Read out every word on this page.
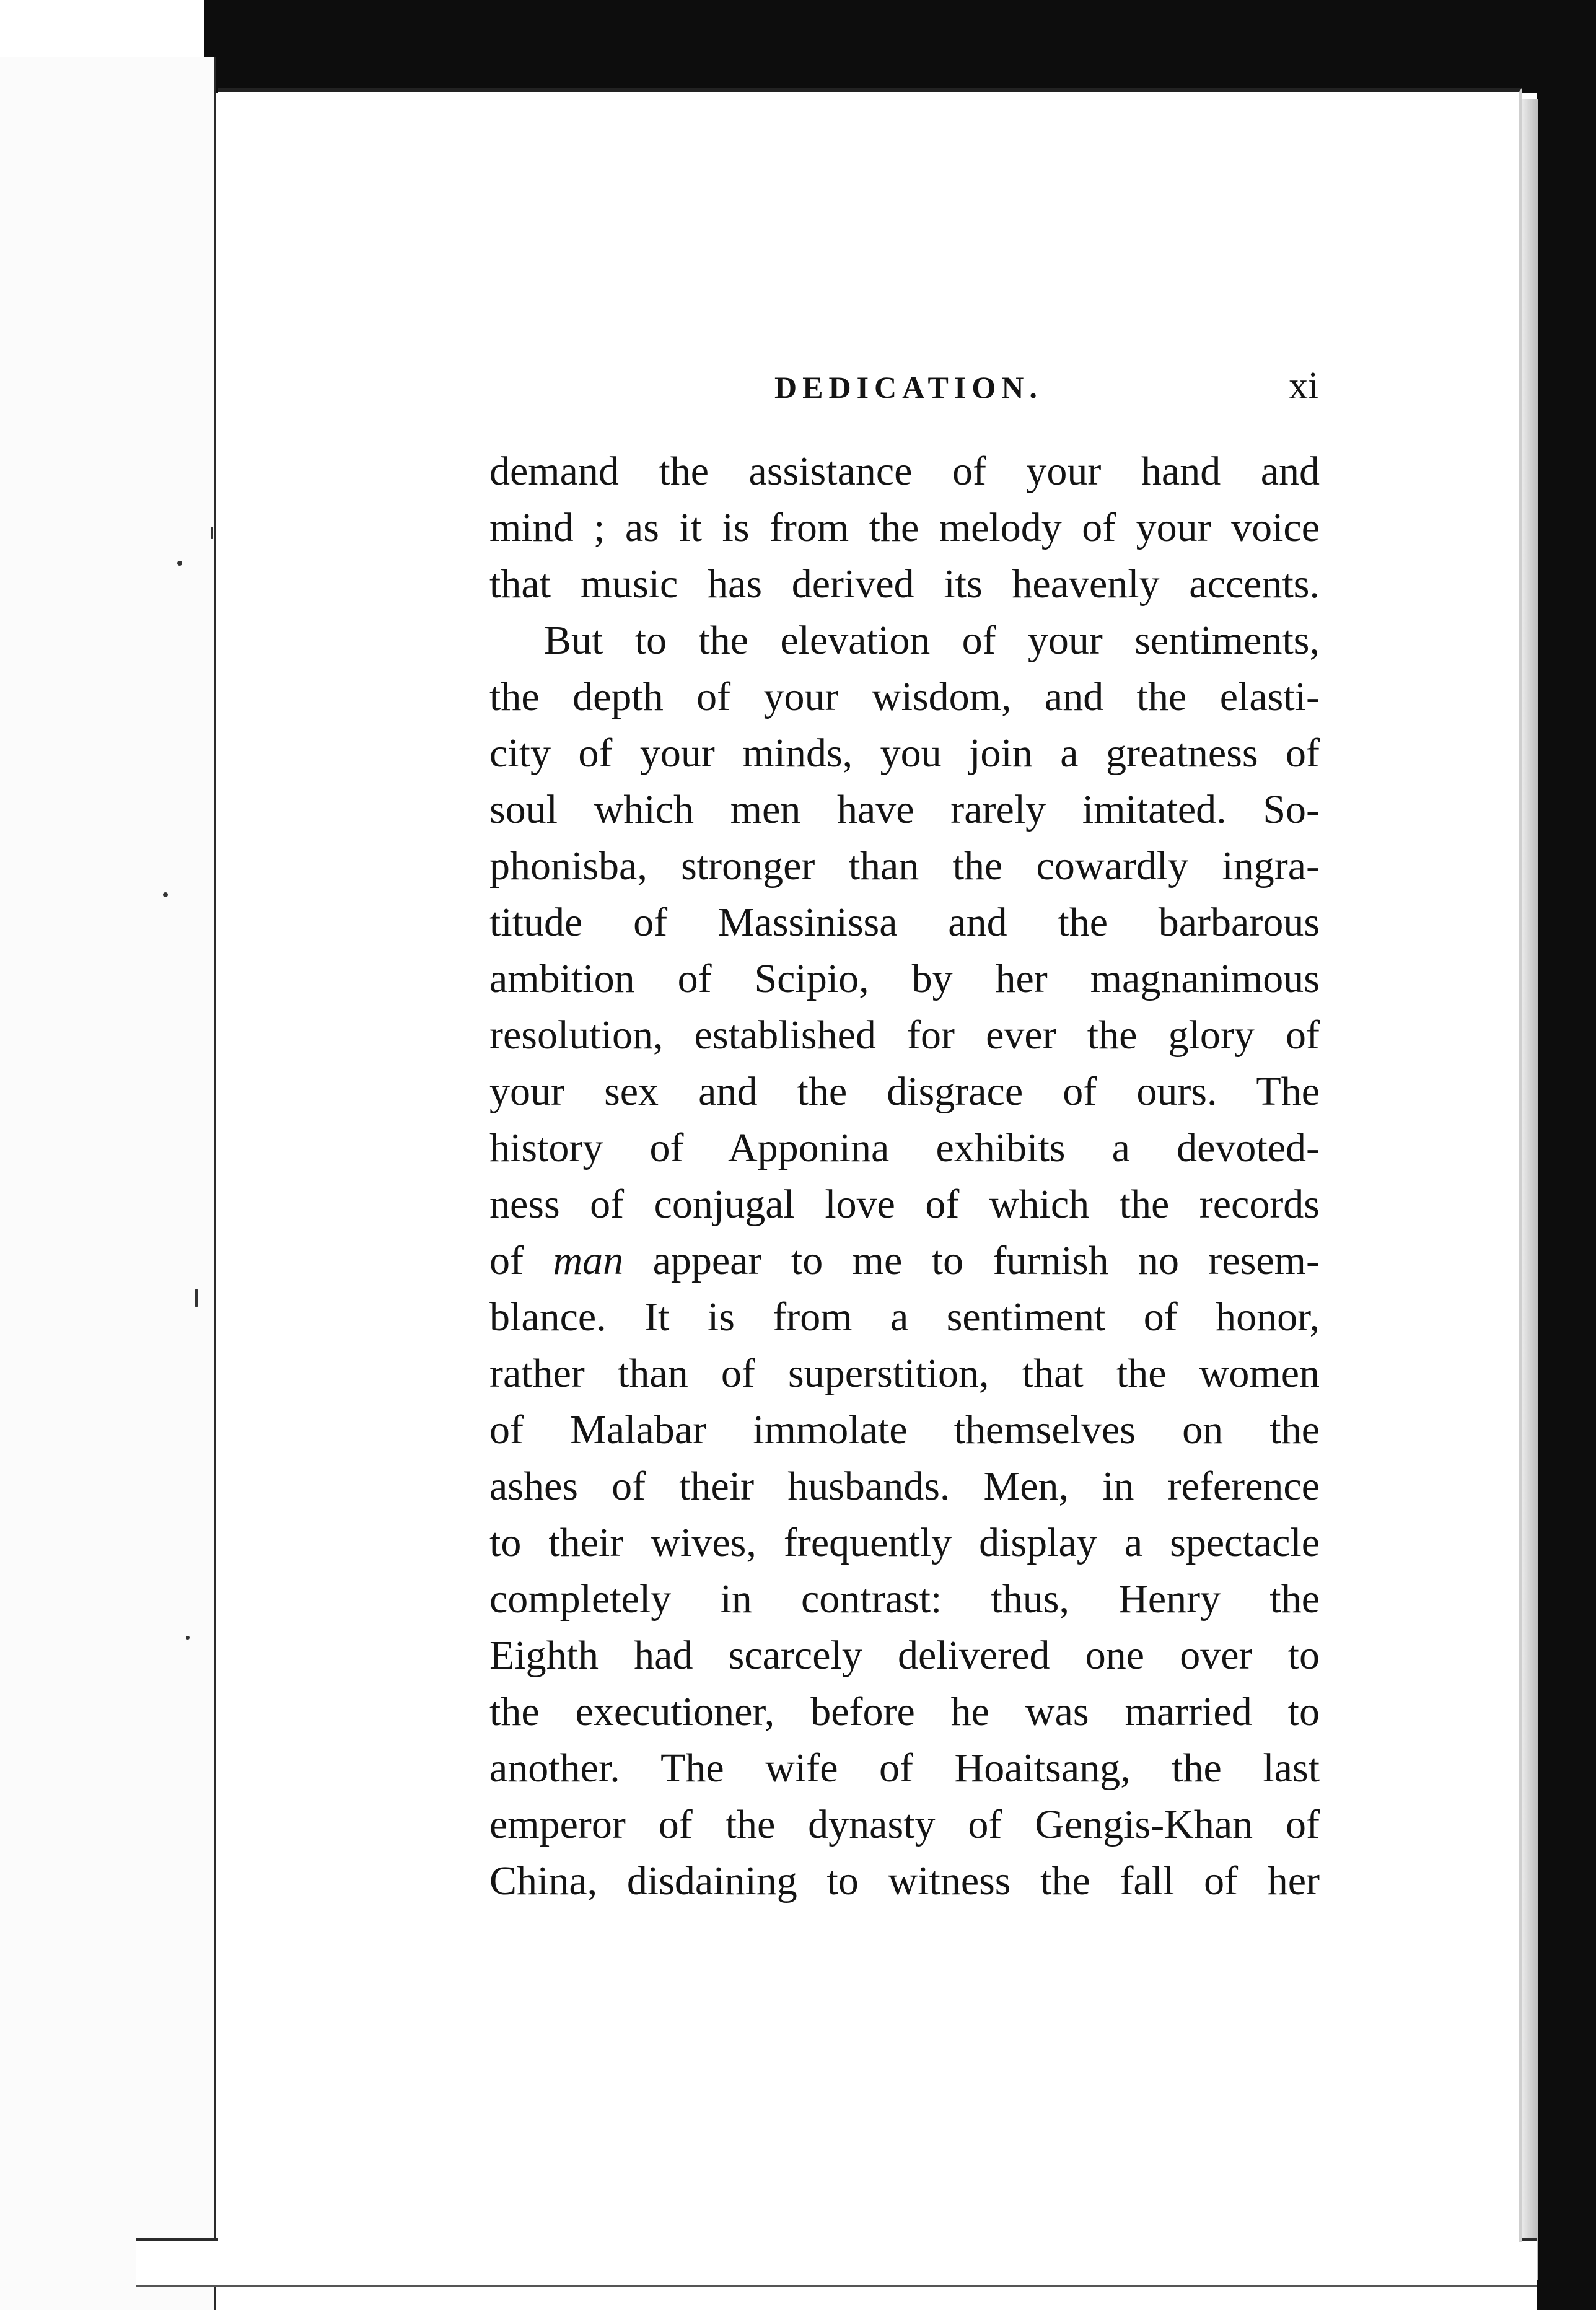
DEDICATION.	xi
demand the assistance of your hand and
mind ; as it is from the melody of your voice
that music has derived its heavenly accents.
But to the elevation of your sentiments,
the depth of your wisdom, and the elasti-
city of your minds, you join a greatness of
soul which men have rarely imitated. So-
phonisba, stronger than the cowardly ingra-
titude of Massinissa and the barbarous
ambition of Scipio, by her magnanimous
resolution, established for ever the glory of
your sex and the disgrace of ours. The
history of Apponina exhibits a devoted-
ness of conjugal love of which the records
of man appear to me to furnish no resem-
blance. It is from a sentiment of honor,
rather than of superstition, that the women
of Malabar immolate themselves on the
ashes of their husbands. Men, in reference
to their wives, frequently display a spectacle
completely in contrast: thus, Henry the
Eighth had scarcely delivered one over to
the executioner, before he was married to
another. The wife of Hoaitsang, the last
emperor of the dynasty of Gengis-Khan of
China, disdaining to witness the fall of her
